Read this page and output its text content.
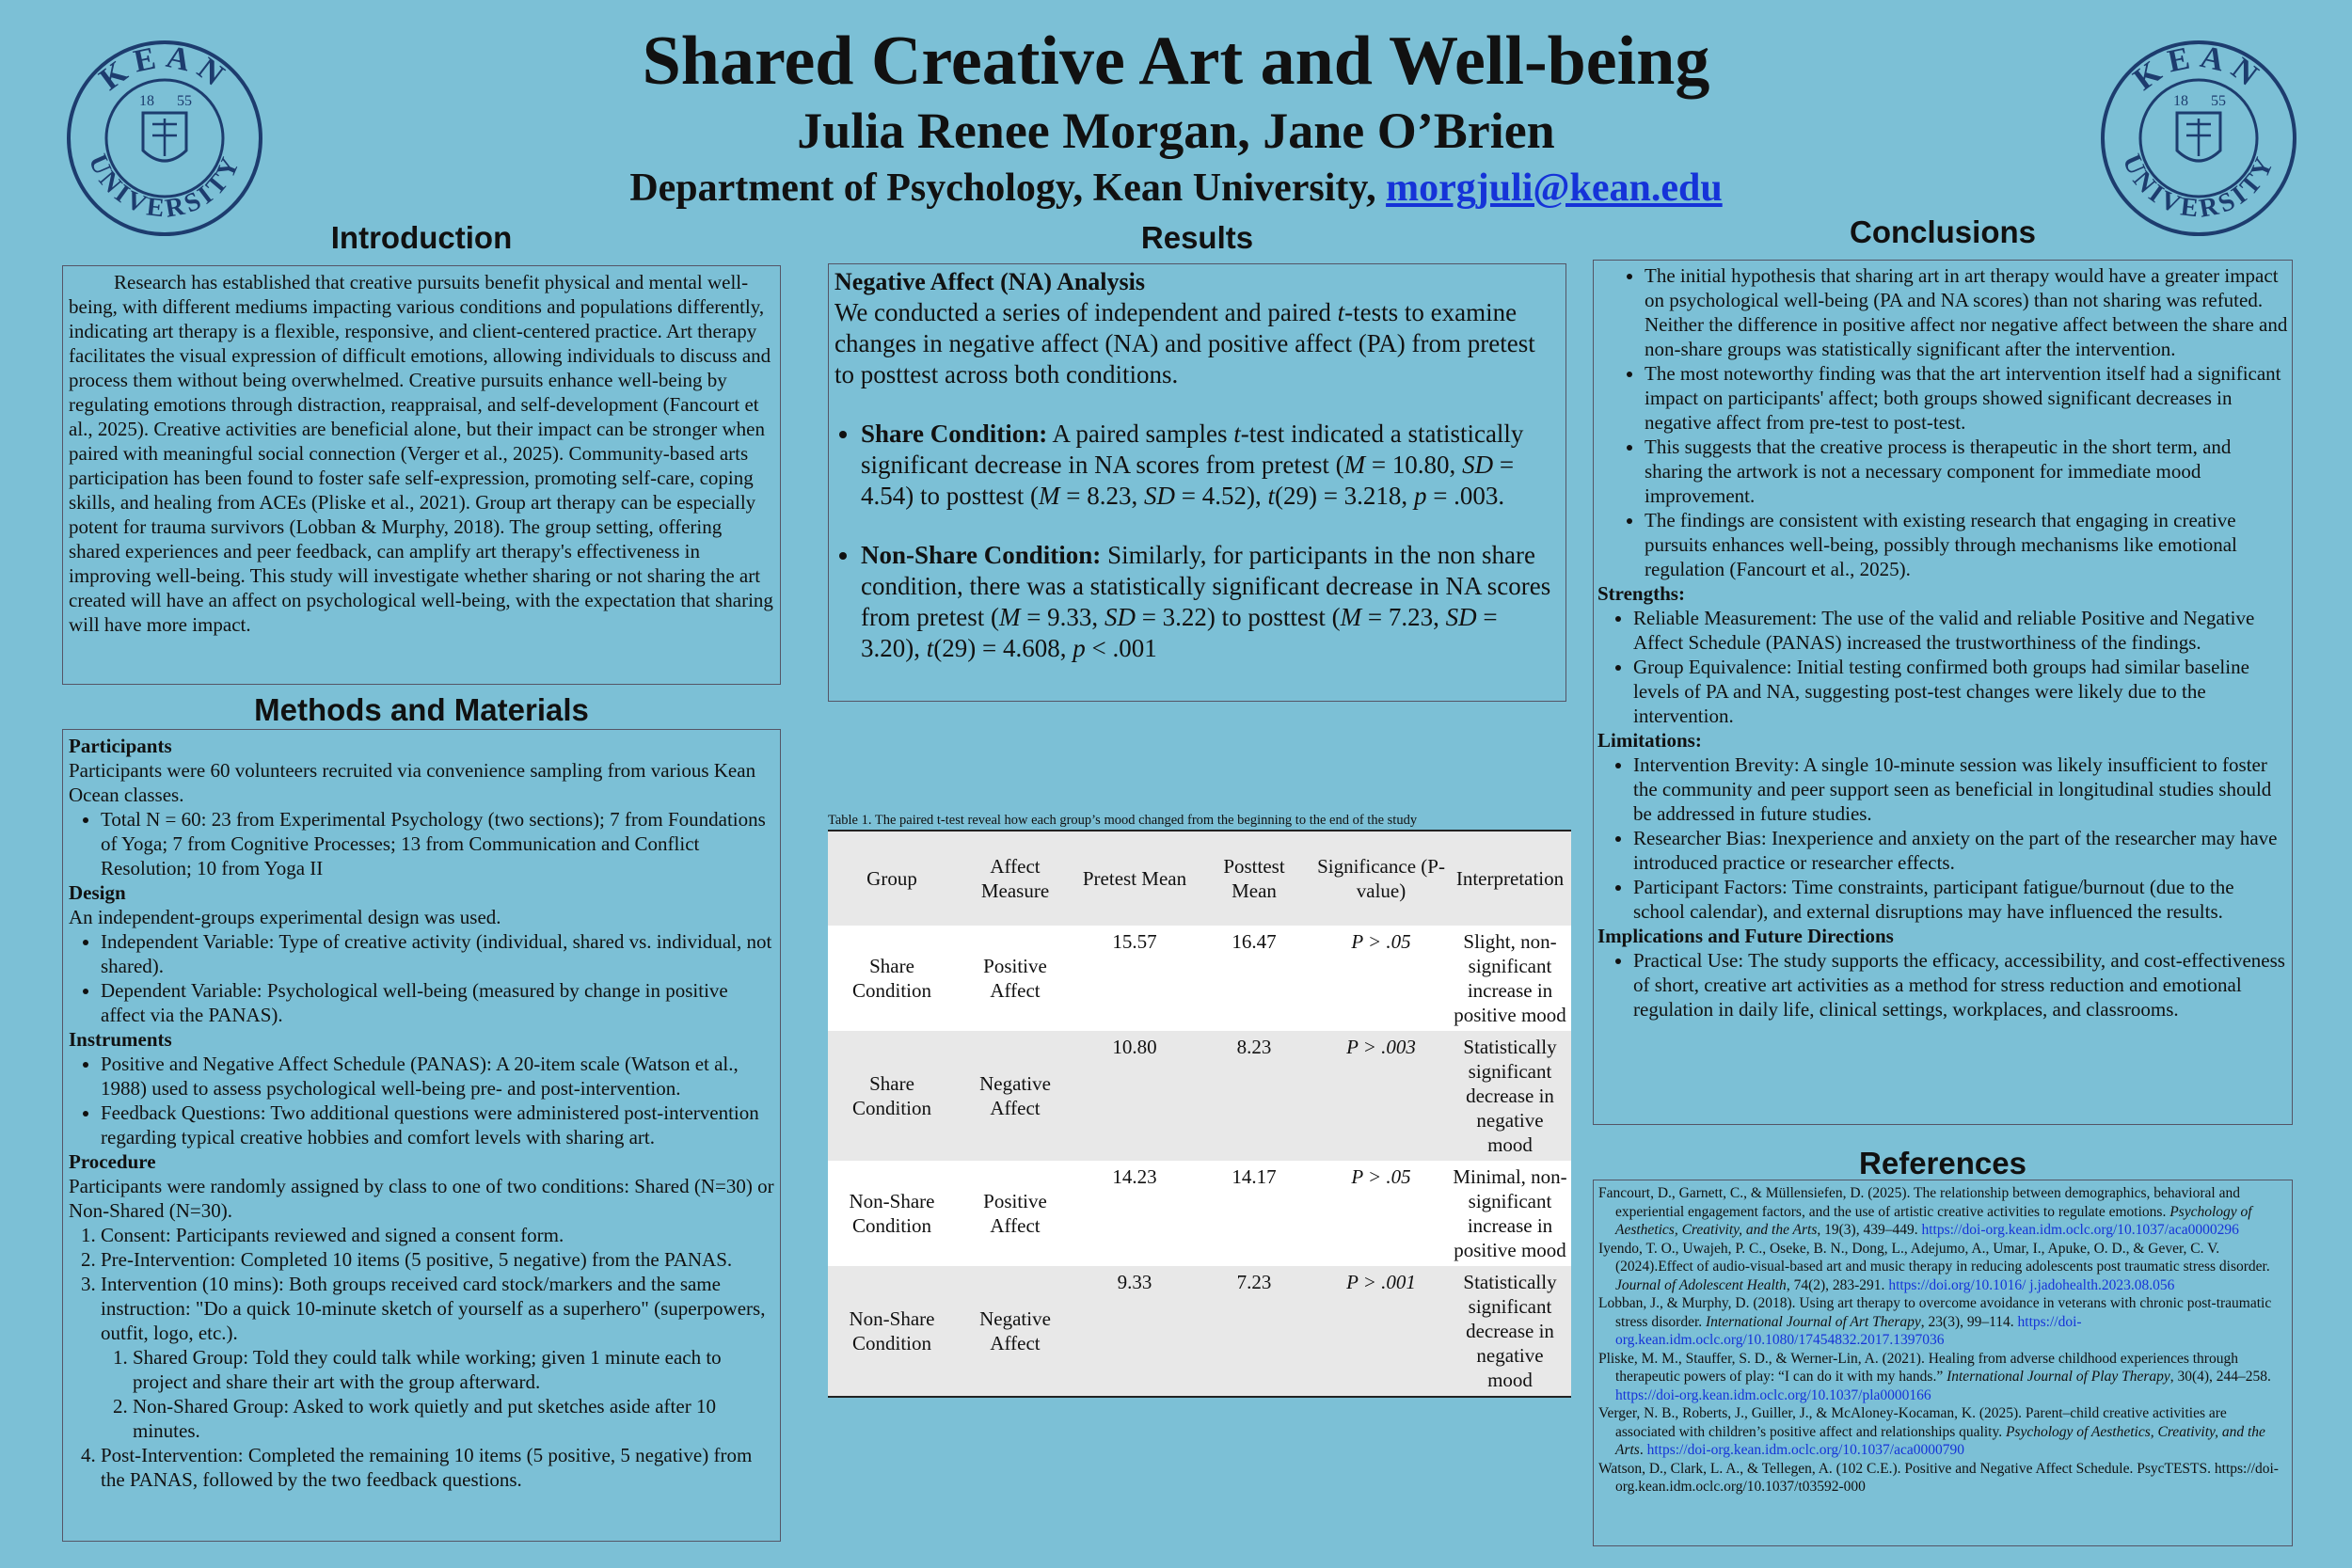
Shared Creative Art and Well-being
Julia Renee Morgan, Jane O’Brien
Department of Psychology, Kean University, morgjuli@kean.edu
KEAN
UNIVERSITY
18 55
KEAN
UNIVERSITY
18 55
Introduction

Research has established that creative pursuits benefit physical and mental well-being, with different mediums impacting various conditions and populations differently, indicating art therapy is a flexible, responsive, and client-centered practice. Art therapy facilitates the visual expression of difficult emotions, allowing individuals to discuss and process them without being overwhelmed. Creative pursuits enhance well-being by regulating emotions through distraction, reappraisal, and self-development (Fancourt et al., 2025). Creative activities are beneficial alone, but their impact can be stronger when paired with meaningful social connection (Verger et al., 2025). Community-based arts participation has been found to foster safe self-expression, promoting self-care, coping skills, and healing from ACEs (Pliske et al., 2021). Group art therapy can be especially potent for trauma survivors (Lobban & Murphy, 2018). The group setting, offering shared experiences and peer feedback, can amplify art therapy's effectiveness in improving well-being. This study will investigate whether sharing or not sharing the art created will have an affect on psychological well-being, with the expectation that sharing will have more impact.

Methods and Materials

Participants

Participants were 60 volunteers recruited via convenience sampling from various Kean Ocean classes.

• Total N = 60: 23 from Experimental Psychology (two sections); 7 from Foundations of Yoga; 7 from Cognitive Processes; 13 from Communication and Conflict Resolution; 10 from Yoga II

Design

An independent-groups experimental design was used.

• Independent Variable: Type of creative activity (individual, shared vs. individual, not shared).
• Dependent Variable: Psychological well-being (measured by change in positive affect via the PANAS).

Instruments

• Positive and Negative Affect Schedule (PANAS): A 20-item scale (Watson et al., 1988) used to assess psychological well-being pre- and post-intervention.
• Feedback Questions: Two additional questions were administered post-intervention regarding typical creative hobbies and comfort levels with sharing art.

Procedure

Participants were randomly assigned by class to one of two conditions: Shared (N=30) or Non-Shared (N=30).

1. Consent: Participants reviewed and signed a consent form.
2. Pre-Intervention: Completed 10 items (5 positive, 5 negative) from the PANAS.
3. Intervention (10 mins): Both groups received card stock/markers and the same instruction: "Do a quick 10-minute sketch of yourself as a superhero" (superpowers, outfit, logo, etc.).
1. Shared Group: Told they could talk while working; given 1 minute each to project and share their art with the group afterward.
2. Non-Shared Group: Asked to work quietly and put sketches aside after 10 minutes.
4. Post-Intervention: Completed the remaining 10 items (5 positive, 5 negative) from the PANAS, followed by the two feedback questions.
Results

Negative Affect (NA) Analysis

We conducted a series of independent and paired t-tests to examine changes in negative affect (NA) and positive affect (PA) from pretest to posttest across both conditions.

• Share Condition: A paired samples t-test indicated a statistically significant decrease in NA scores from pretest (M = 10.80, SD = 4.54) to posttest (M = 8.23, SD = 4.52), t(29) = 3.218, p = .003.
• Non-Share Condition: Similarly, for participants in the non share condition, there was a statistically significant decrease in NA scores from pretest (M = 9.33, SD = 3.22) to posttest (M = 7.23, SD = 3.20), t(29) = 4.608, p < .001
Table 1. The paired t-test reveal how each group’s mood changed from the beginning to the end of the study
Group	Affect Measure	Pretest Mean	Posttest Mean	Significance (P-value)	Interpretation
Share Condition	Positive Affect	15.57	16.47	P > .05	Slight, non-significant increase in positive mood
Share Condition	Negative Affect	10.80	8.23	P > .003	Statistically significant decrease in negative mood
Non-Share Condition	Positive Affect	14.23	14.17	P > .05	Minimal, non-significant increase in positive mood
Non-Share Condition	Negative Affect	9.33	7.23	P > .001	Statistically significant decrease in negative mood
Conclusions
• The initial hypothesis that sharing art in art therapy would have a greater impact on psychological well-being (PA and NA scores) than not sharing was refuted. Neither the difference in positive affect nor negative affect between the share and non-share groups was statistically significant after the intervention.
• The most noteworthy finding was that the art intervention itself had a significant impact on participants' affect; both groups showed significant decreases in negative affect from pre-test to post-test.
• This suggests that the creative process is therapeutic in the short term, and sharing the artwork is not a necessary component for immediate mood improvement.
• The findings are consistent with existing research that engaging in creative pursuits enhances well-being, possibly through mechanisms like emotional regulation (Fancourt et al., 2025).

Strengths:

• Reliable Measurement: The use of the valid and reliable Positive and Negative Affect Schedule (PANAS) increased the trustworthiness of the findings.
• Group Equivalence: Initial testing confirmed both groups had similar baseline levels of PA and NA, suggesting post-test changes were likely due to the intervention.

Limitations:

• Intervention Brevity: A single 10-minute session was likely insufficient to foster the community and peer support seen as beneficial in longitudinal studies should be addressed in future studies.
• Researcher Bias: Inexperience and anxiety on the part of the researcher may have introduced practice or researcher effects.
• Participant Factors: Time constraints, participant fatigue/burnout (due to the school calendar), and external disruptions may have influenced the results.

Implications and Future Directions

• Practical Use: The study supports the efficacy, accessibility, and cost-effectiveness of short, creative art activities as a method for stress reduction and emotional regulation in daily life, clinical settings, workplaces, and classrooms.
References

Fancourt, D., Garnett, C., & Müllensiefen, D. (2025). The relationship between demographics, behavioral and experiential engagement factors, and the use of artistic creative activities to regulate emotions. Psychology of Aesthetics, Creativity, and the Arts, 19(3), 439–449. https://doi-org.kean.idm.oclc.org/10.1037/aca0000296

Iyendo, T. O., Uwajeh, P. C., Oseke, B. N., Dong, L., Adejumo, A., Umar, I., Apuke, O. D., & Gever, C. V. (2024).Effect of audio-visual-based art and music therapy in reducing adolescents post traumatic stress disorder. Journal of Adolescent Health, 74(2), 283-291. https://doi.org/10.1016/ j.jadohealth.2023.08.056

Lobban, J., & Murphy, D. (2018). Using art therapy to overcome avoidance in veterans with chronic post-traumatic stress disorder. International Journal of Art Therapy, 23(3), 99–114. https://doi-org.kean.idm.oclc.org/10.1080/17454832.2017.1397036

Pliske, M. M., Stauffer, S. D., & Werner-Lin, A. (2021). Healing from adverse childhood experiences through therapeutic powers of play: “I can do it with my hands.” International Journal of Play Therapy, 30(4), 244–258. https://doi-org.kean.idm.oclc.org/10.1037/pla0000166

Verger, N. B., Roberts, J., Guiller, J., & McAloney-Kocaman, K. (2025). Parent–child creative activities are associated with children’s positive affect and relationships quality. Psychology of Aesthetics, Creativity, and the Arts. https://doi-org.kean.idm.oclc.org/10.1037/aca0000790

Watson, D., Clark, L. A., & Tellegen, A. (102 C.E.). Positive and Negative Affect Schedule. PsycTESTS. https://doi-org.kean.idm.oclc.org/10.1037/t03592-000
